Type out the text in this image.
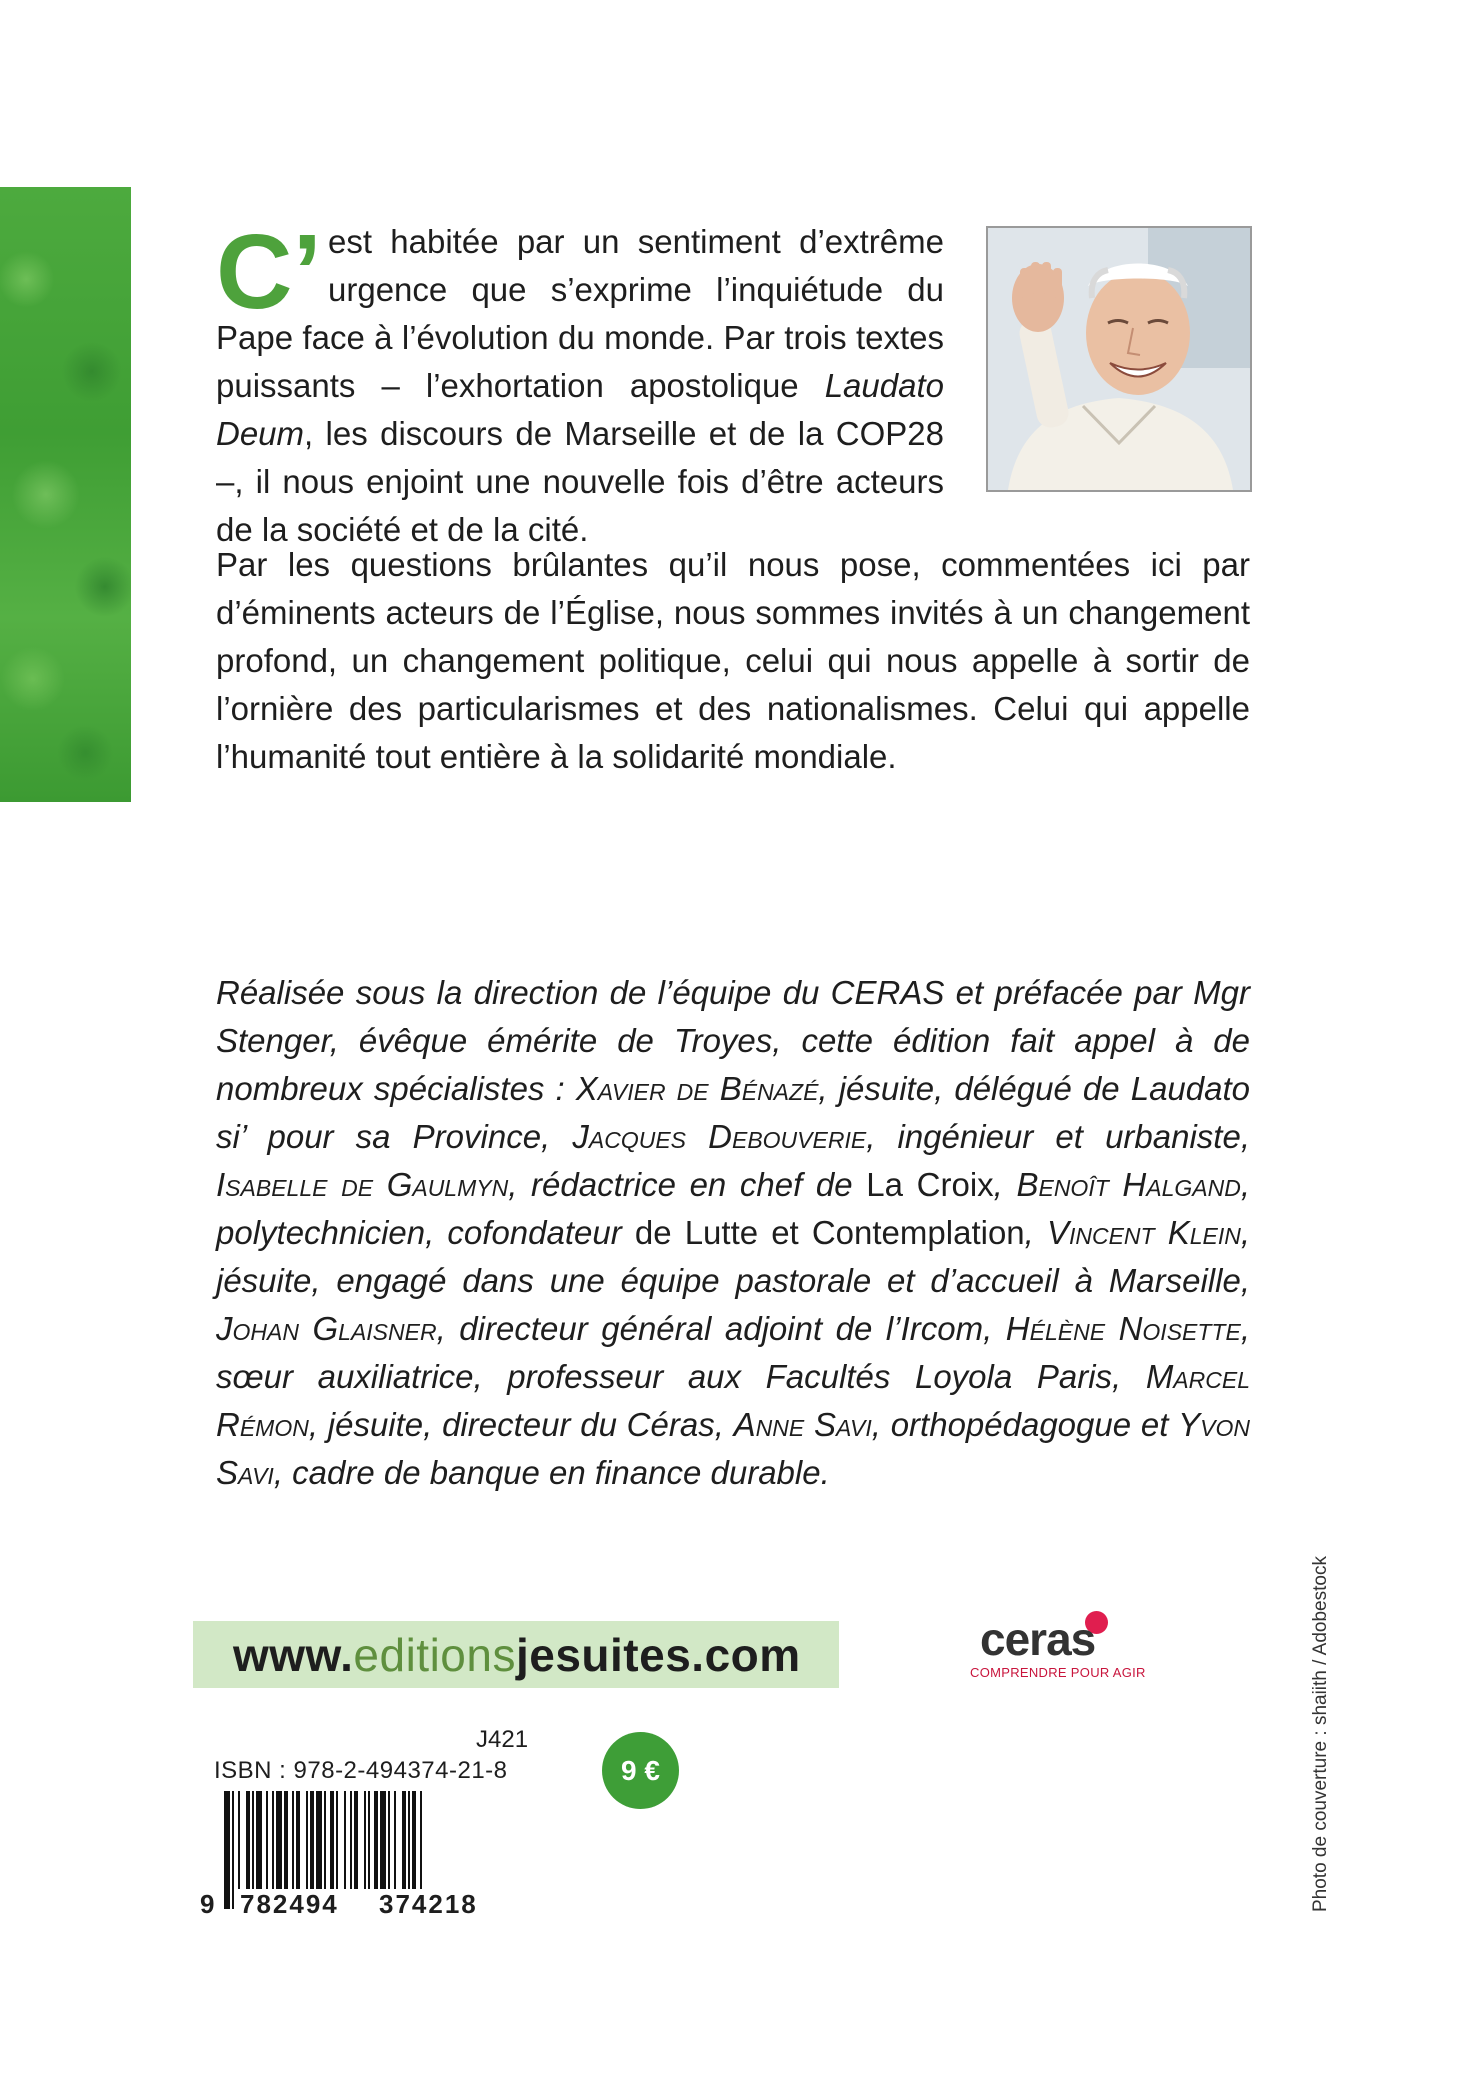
C’ est habitée par un sentiment d’extrême urgence que s’exprime l’inquiétude du Pape face à l’évolution du monde. Par trois textes puissants – l’exhortation apostolique Laudato Deum, les discours de Marseille et de la COP28 –, il nous enjoint une nouvelle fois d’être acteurs de la société et de la cité.
Par les questions brûlantes qu’il nous pose, commentées ici par d’éminents acteurs de l’Église, nous sommes invités à un changement profond, un changement politique, celui qui nous appelle à sortir de l’ornière des particularismes et des nationalismes. Celui qui appelle l’humanité tout entière à la solidarité mondiale.
Réalisée sous la direction de l’équipe du CERAS et préfacée par Mgr Stenger, évêque émérite de Troyes, cette édition fait appel à de nombreux spécialistes : Xavier de Bénazé, jésuite, délégué de Laudato si’ pour sa Province, Jacques Debouverie, ingénieur et urbaniste, Isabelle de Gaulmyn, rédactrice en chef de La Croix, Benoît Halgand, polytechnicien, cofondateur de Lutte et Contemplation, Vincent Klein, jésuite, engagé dans une équipe pastorale et d’accueil à Marseille, Johan Glaisner, directeur général adjoint de l’Ircom, Hélène Noisette, sœur auxiliatrice, professeur aux Facultés Loyola Paris, Marcel Rémon, jésuite, directeur du Céras, Anne Savi, orthopédagogue et Yvon Savi, cadre de banque en finance durable.
www.editionsjesuites.com	ceras
COMPRENDRE POUR AGIR
J421
ISBN : 978-2-494374-21-8
9 782494 374218
9 €	Photo de couverture : shaiith / Adobestock
